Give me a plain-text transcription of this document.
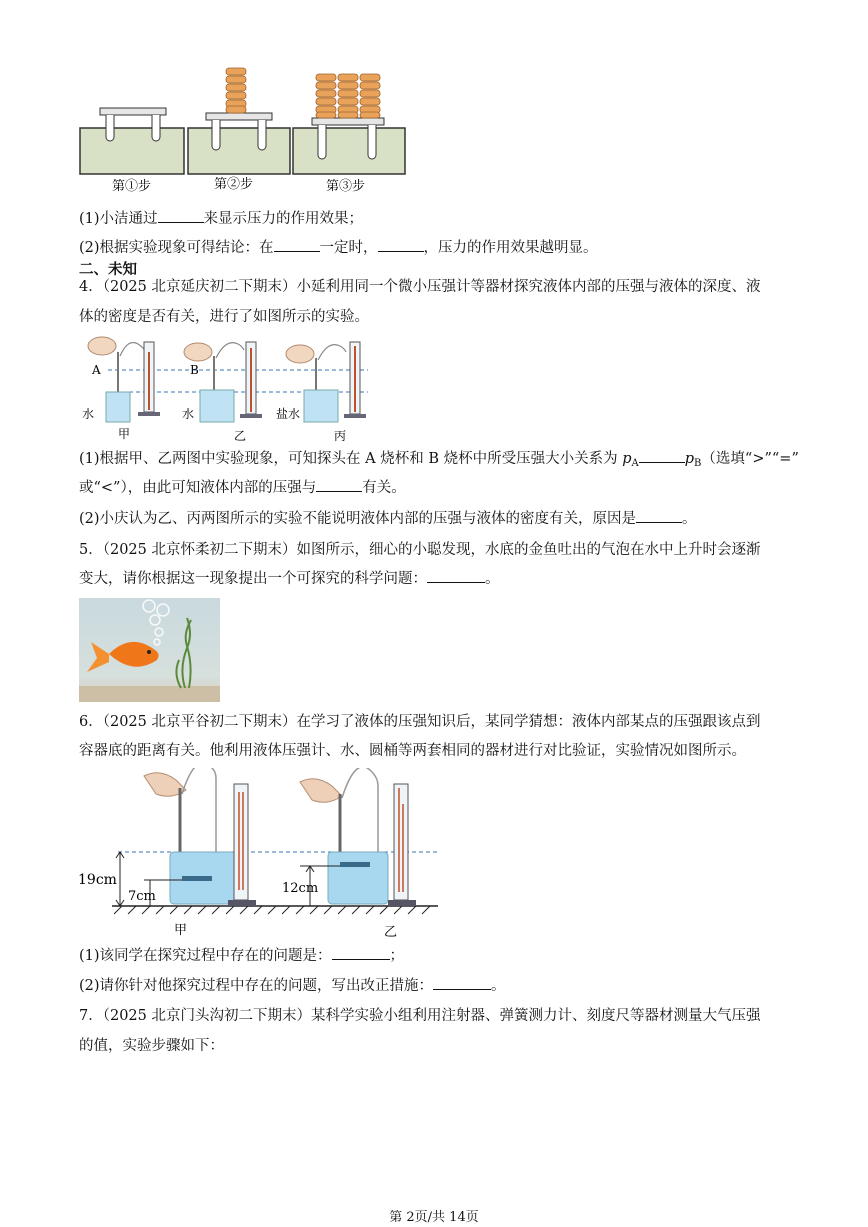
第①步	第②步	第③步
(1)小洁通过	来显示压力的作用效果；
(2)根据实验现象可得结论：在	一定时，	，压力的作用效果越明显。
二、未知
4．（2025 北京延庆初二下期末）小延利用同一个微小压强计等器材探究液体内部的压强与液体的深度、液
体的密度是否有关，进行了如图所示的实验。
A	B
水	水	盐水
甲	乙	丙
(1)根据甲、乙两图中实验现象，可知探头在 A 烧杯和 B 烧杯中所受压强大小关系为 $p_A$	$p_B$（选填“>”“=”
或“<”），由此可知液体内部的压强与	有关。
(2)小庆认为乙、丙两图所示的实验不能说明液体内部的压强与液体的密度有关，原因是	。
5．（2025 北京怀柔初二下期末）如图所示，细心的小聪发现，水底的金鱼吐出的气泡在水中上升时会逐渐
变大，请你根据这一现象提出一个可探究的科学问题：	。
6．（2025 北京平谷初二下期末）在学习了液体的压强知识后，某同学猜想：液体内部某点的压强跟该点到
容器底的距离有关。他利用液体压强计、水、圆桶等两套相同的器材进行对比验证，实验情况如图所示。
19cm
7cm
12cm
甲	乙
(1)该同学在探究过程中存在的问题是：	；
(2)请你针对他探究过程中存在的问题，写出改正措施：	。
7．（2025 北京门头沟初二下期末）某科学实验小组利用注射器、弹簧测力计、刻度尺等器材测量大气压强
的值，实验步骤如下：
第 2页/共 14页
